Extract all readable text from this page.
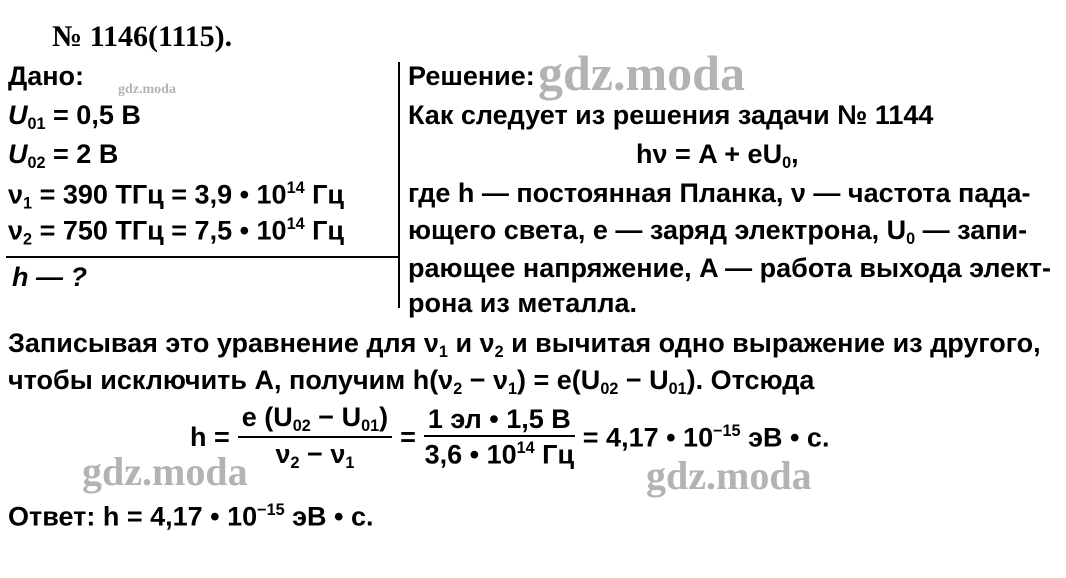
№ 1146(1115).
Дано: gdz.moda
$U_{01} = 0,5$ В
$U_{02} = 2$ В
$\nu_1 = 390$ ТГц = 3,9 • $10^{14}$ Гц
$\nu_2 = 750$ ТГц = 7,5 • $10^{14}$ Гц
h — ?
Решение: gdz.moda
Как следует из решения задачи № 1144
$h\nu = A + eU_0$,
где h — постоянная Планка, ν — частота пада-
ющего света, e — заряд электрона, $U_0$ — запи-
рающее напряжение, A — работа выхода элект-
рона из металла.
Записывая это уравнение для $\nu_1$ и $\nu_2$ и вычитая одно выражение из другого,
чтобы исключить A, получим $h(\nu_2 - \nu_1) = e(U_{02} - U_{01})$. Отсюда
$h = \frac{e (U_{02} - U_{01})}{\nu_2 - \nu_1} = \frac{1 эл • 1,5 В}{3,6 • 10^{14} Гц} = 4,17$ • $10^{-15}$ эВ • с.
gdz.moda	gdz.moda
Ответ: h = 4,17 • $10^{-15}$ эВ • с.
